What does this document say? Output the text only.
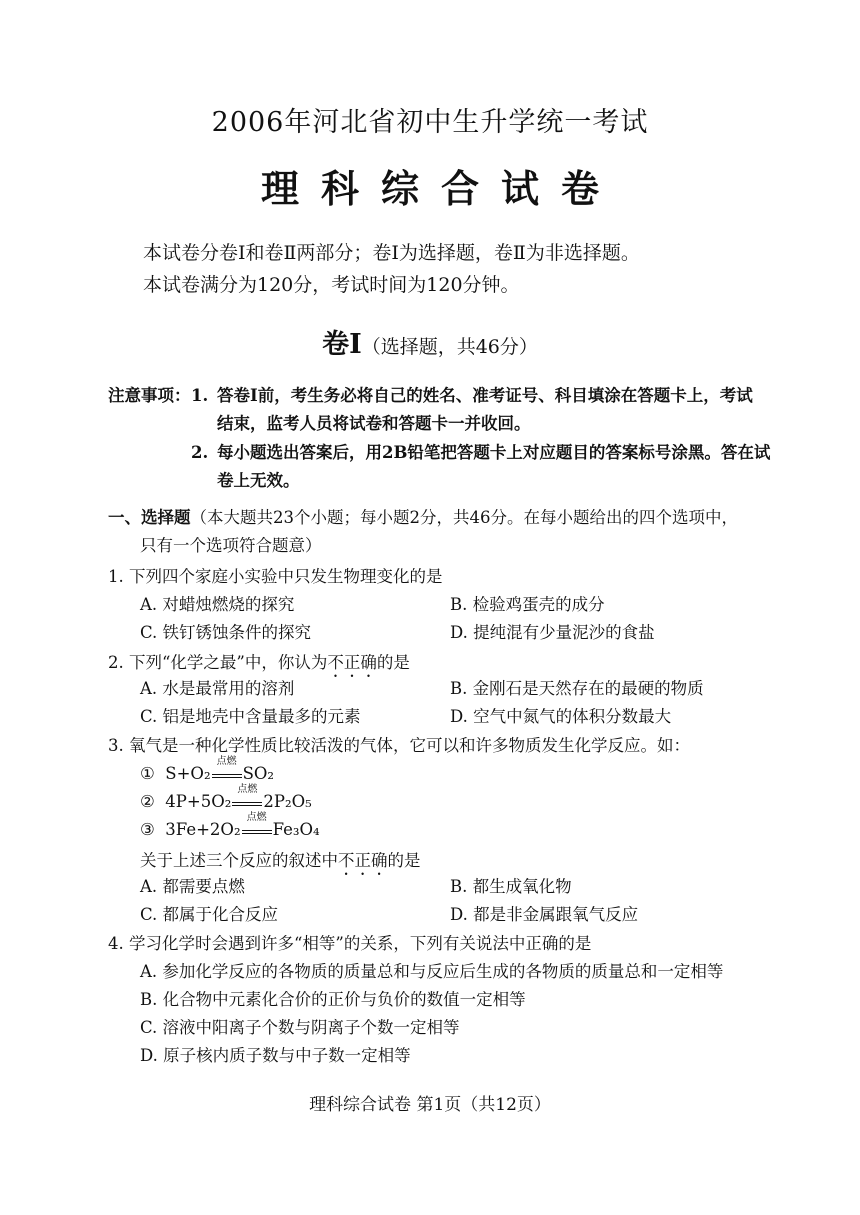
2006年河北省初中生升学统一考试
理科综合试卷
本试卷分卷Ⅰ和卷Ⅱ两部分；卷Ⅰ为选择题，卷Ⅱ为非选择题。
本试卷满分为120分，考试时间为120分钟。
卷Ⅰ（选择题，共46分）
注意事项： 1. 答卷Ⅰ前，考生务必将自己的姓名、准考证号、科目填涂在答题卡上，考试
结束，监考人员将试卷和答题卡一并收回。
2. 每小题选出答案后，用2B铅笔把答题卡上对应题目的答案标号涂黑。答在试
卷上无效。
一、选择题（本大题共23个小题；每小题2分，共46分。在每小题给出的四个选项中，
只有一个选项符合题意）
1. 下列四个家庭小实验中只发生物理变化的是
A. 对蜡烛燃烧的探究	B. 检验鸡蛋壳的成分
C. 铁钉锈蚀条件的探究	D. 提纯混有少量泥沙的食盐
2. 下列“化学之最”中，你认为不正确的是
A. 水是最常用的溶剂	B. 金刚石是天然存在的最硬的物质
C. 铝是地壳中含量最多的元素	D. 空气中氮气的体积分数最大
3. 氧气是一种化学性质比较活泼的气体，它可以和许多物质发生化学反应。如：
① S+O₂
点燃
SO₂
② 4P+5O₂
点燃
2P₂O₅
③ 3Fe+2O₂
点燃
Fe₃O₄
关于上述三个反应的叙述中不正确的是
A. 都需要点燃	B. 都生成氧化物
C. 都属于化合反应	D. 都是非金属跟氧气反应
4. 学习化学时会遇到许多“相等”的关系，下列有关说法中正确的是
A. 参加化学反应的各物质的质量总和与反应后生成的各物质的质量总和一定相等
B. 化合物中元素化合价的正价与负价的数值一定相等
C. 溶液中阳离子个数与阴离子个数一定相等
D. 原子核内质子数与中子数一定相等
理科综合试卷 第1页（共12页）
